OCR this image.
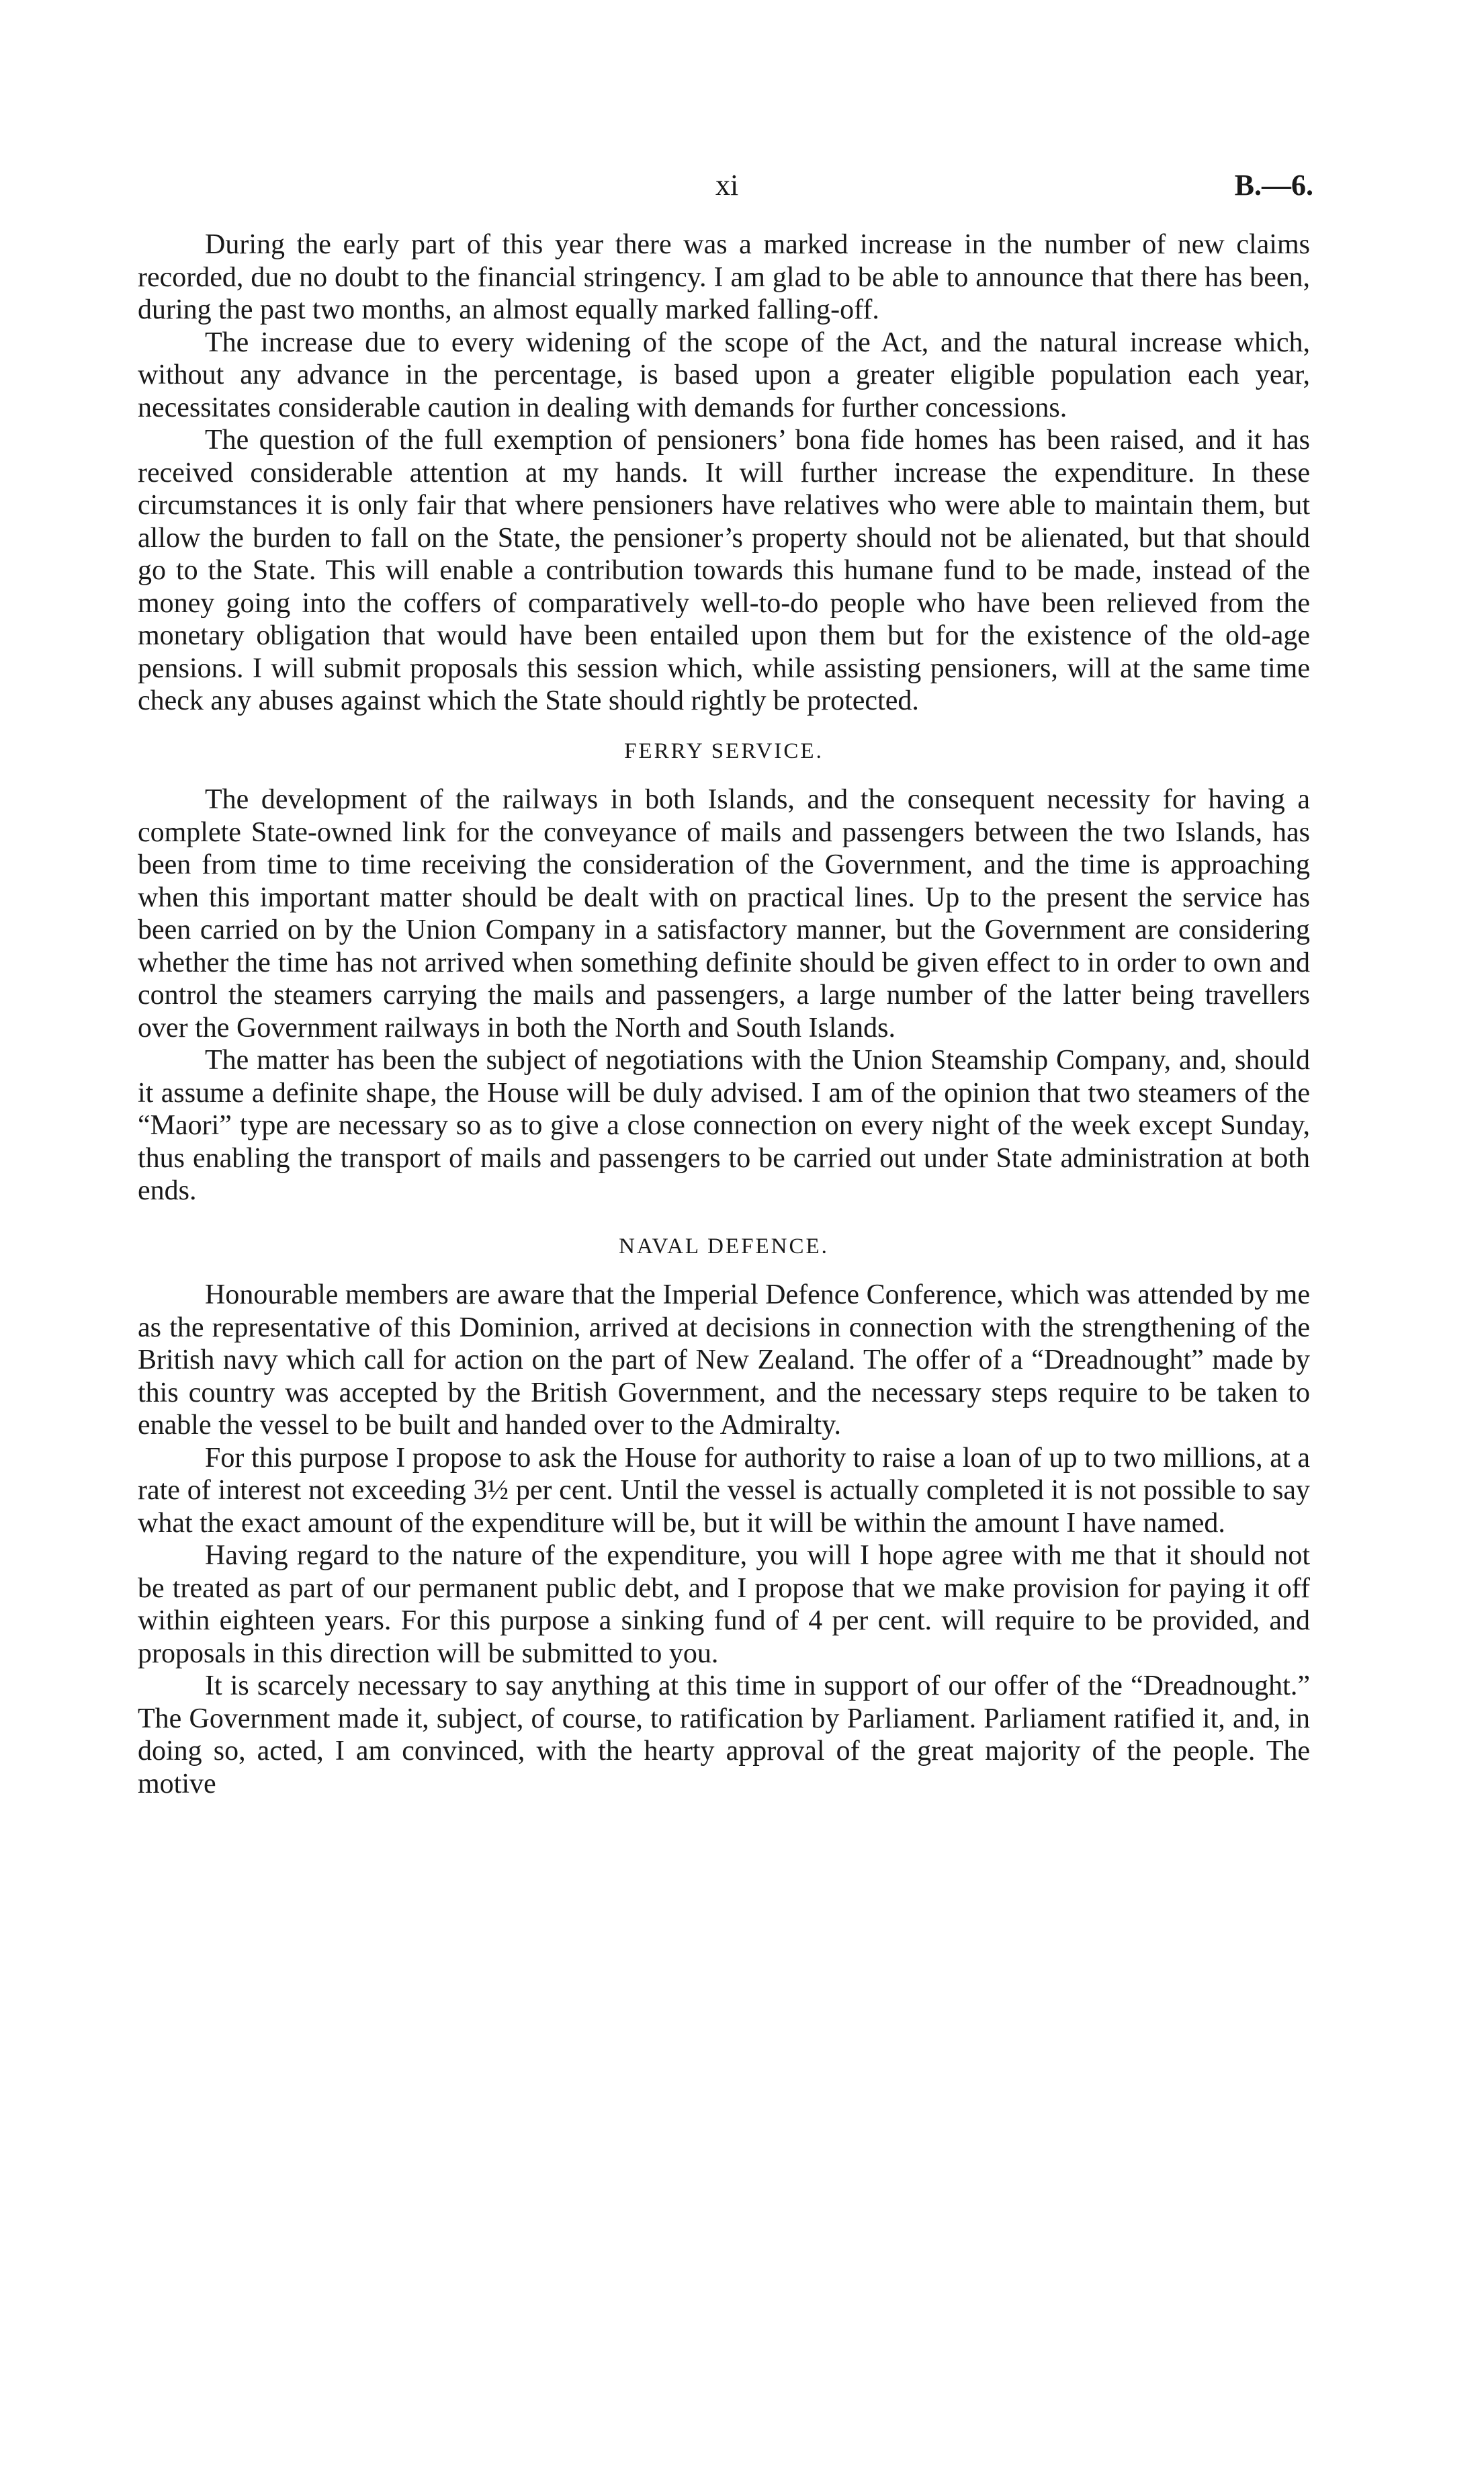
xi	B.—6.

During the early part of this year there was a marked increase in the number of new claims recorded, due no doubt to the financial stringency. I am glad to be able to announce that there has been, during the past two months, an almost equally marked falling-off.

The increase due to every widening of the scope of the Act, and the natural increase which, without any advance in the percentage, is based upon a greater eligible population each year, necessitates considerable caution in dealing with demands for further concessions.

The question of the full exemption of pensioners’ bona fide homes has been raised, and it has received considerable attention at my hands. It will further increase the expenditure. In these circumstances it is only fair that where pensioners have relatives who were able to maintain them, but allow the burden to fall on the State, the pensioner’s property should not be alienated, but that should go to the State. This will enable a contribution towards this humane fund to be made, instead of the money going into the coffers of comparatively well-to-do people who have been relieved from the monetary obligation that would have been entailed upon them but for the existence of the old-age pensions. I will submit proposals this session which, while assisting pensioners, will at the same time check any abuses against which the State should rightly be protected.

FERRY SERVICE.

The development of the railways in both Islands, and the consequent necessity for having a complete State-owned link for the conveyance of mails and passengers between the two Islands, has been from time to time receiving the consideration of the Government, and the time is approaching when this important matter should be dealt with on practical lines. Up to the present the service has been carried on by the Union Company in a satisfactory manner, but the Government are considering whether the time has not arrived when something definite should be given effect to in order to own and control the steamers carrying the mails and passengers, a large number of the latter being travellers over the Government railways in both the North and South Islands.

The matter has been the subject of negotiations with the Union Steamship Company, and, should it assume a definite shape, the House will be duly advised. I am of the opinion that two steamers of the “Maori” type are necessary so as to give a close connection on every night of the week except Sunday, thus enabling the transport of mails and passengers to be carried out under State administration at both ends.

NAVAL DEFENCE.

Honourable members are aware that the Imperial Defence Conference, which was attended by me as the representative of this Dominion, arrived at decisions in connection with the strengthening of the British navy which call for action on the part of New Zealand. The offer of a “Dreadnought” made by this country was accepted by the British Government, and the necessary steps require to be taken to enable the vessel to be built and handed over to the Admiralty.

For this purpose I propose to ask the House for authority to raise a loan of up to two millions, at a rate of interest not exceeding 3½ per cent. Until the vessel is actually completed it is not possible to say what the exact amount of the expenditure will be, but it will be within the amount I have named.

Having regard to the nature of the expenditure, you will I hope agree with me that it should not be treated as part of our permanent public debt, and I propose that we make provision for paying it off within eighteen years. For this purpose a sinking fund of 4 per cent. will require to be provided, and proposals in this direction will be submitted to you.

It is scarcely necessary to say anything at this time in support of our offer of the “Dreadnought.” The Government made it, subject, of course, to ratification by Parliament. Parliament ratified it, and, in doing so, acted, I am convinced, with the hearty approval of the great majority of the people. The motive
